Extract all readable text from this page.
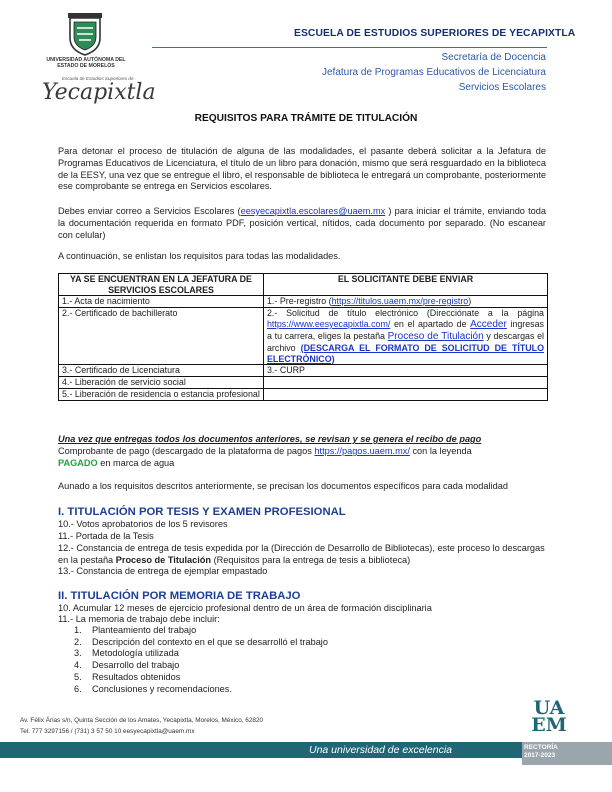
UNIVERSIDAD AUTÓNOMA DEL
ESTADO DE MORELOS
Escuela de Estudios Superiores de
Yecapixtla
ESCUELA DE ESTUDIOS SUPERIORES DE YECAPIXTLA
Secretaría de Docencia
Jefatura de Programas Educativos de Licenciatura
Servicios Escolares
REQUISITOS PARA TRÁMITE DE TITULACIÓN
Para detonar el proceso de titulación de alguna de las modalidades, el pasante deberá solicitar a la Jefatura de Programas Educativos de Licenciatura, el título de un libro para donación, mismo que será resguardado en la biblioteca de la EESY, una vez que se entregue el libro, el responsable de biblioteca le entregará un comprobante, posteriormente ese comprobante se entrega en Servicios escolares.
Debes enviar correo a Servicios Escolares (eesyecapixtla.escolares@uaem.mx ) para iniciar el trámite, enviando toda la documentación requerida en formato PDF, posición vertical, nítidos, cada documento por separado. (No escanear con celular)
A continuación, se enlistan los requisitos para todas las modalidades.
YA SE ENCUENTRAN EN LA JEFATURA DE SERVICIOS ESCOLARES	EL SOLICITANTE DEBE ENVIAR
1.- Acta de nacimiento	1.- Pre-registro (https://titulos.uaem.mx/pre-registro)
2.- Certificado de bachillerato	2.- Solicitud de título electrónico (Direcciónate a la página https://www.eesyecapixtla.com/ en el apartado de Acceder ingresas a tu carrera, eliges la pestaña Proceso de Titulación y descargas el archivo (DESCARGA EL FORMATO DE SOLICITUD DE TÍTULO ELECTRÓNICO)
3.- Certificado de Licenciatura	3.- CURP
4.- Liberación de servicio social	
5.- Liberación de residencia o estancia profesional	
Una vez que entregas todos los documentos anteriores, se revisan y se genera el recibo de pago
Comprobante de pago (descargado de la plataforma de pagos https://pagos.uaem.mx/ con la leyenda
PAGADO en marca de agua
Aunado a los requisitos descritos anteriormente, se precisan los documentos específicos para cada modalidad
I. TITULACIÓN POR TESIS Y EXAMEN PROFESIONAL
10.- Votos aprobatorios de los 5 revisores
11.- Portada de la Tesis
12.- Constancia de entrega de tesis expedida por la (Dirección de Desarrollo de Bibliotecas), este proceso lo descargas en la pestaña Proceso de Titulación (Requisitos para la entrega de tesis a biblioteca)
13.- Constancia de entrega de ejemplar empastado
II. TITULACIÓN POR MEMORIA DE TRABAJO
10. Acumular 12 meses de ejercicio profesional dentro de un área de formación disciplinaria
11.- La memoria de trabajo debe incluir:
1. Planteamiento del trabajo
2. Descripción del contexto en el que se desarrolló el trabajo
3. Metodología utilizada
4. Desarrollo del trabajo
5. Resultados obtenidos
6. Conclusiones y recomendaciones.
Av. Félix Árias s/n, Quinta Sección de los Amates, Yecapixtla, Morelos, México, 62820
Tel. 777 3297156 / (731) 3 57 50 10 eesyecapixtla@uaem.mx
Una universidad de excelencia
UA
EM
RECTORÍA
2017-2023
